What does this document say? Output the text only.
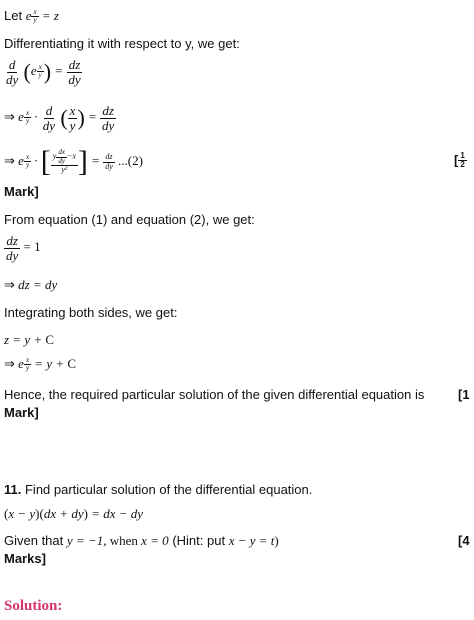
Let e $^{\frac{x}{y}}$ = z
Differentiating it with respect to y, we get:
$\frac{d}{dy} (e$ $^{\frac{x}{y}}$ ) = $\frac{dz}{dy}$
⇒ e $^{\frac{x}{y}} \cdot \frac{d}{dy}$ ( $\frac{x}{y}$ ) = $\frac{dz}{dy}$
⇒ e $^{\frac{x}{y}}$ · [ $\frac{y \frac{dx}{dy} -x}{\text{y²}}$ ] = $\frac{dz}{dy} ...(2)$	[ $\frac{1}{2}$
Mark]
From equation (1) and equation (2), we get:
$\frac{dz}{dy} = 1$
⇒ dz = dy
Integrating both sides, we get:
z = y + C
⇒ e $^{\frac{x}{y}}$ = y + C
Hence, the required particular solution of the given differential equation is	[1
Mark]
11. Find particular solution of the differential equation.
(x − y)(dx + dy) = dx − dy
Given that y = −1, when x = 0 (Hint: put x − y = t)	[4
Marks]
Solution:
